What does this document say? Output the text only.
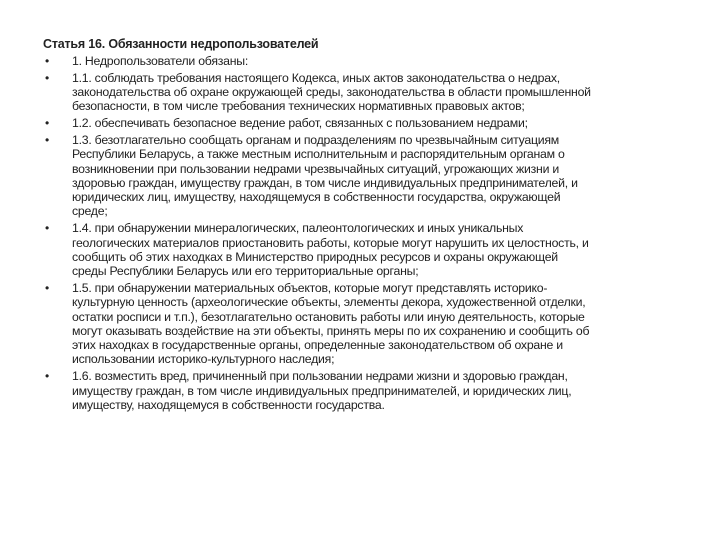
Статья 16. Обязанности недропользователей
• 1. Недропользователи обязаны:
• 1.1. соблюдать требования настоящего Кодекса, иных актов законодательства о недрах,
законодательства об охране окружающей среды, законодательства в области промышленной
безопасности, в том числе требования технических нормативных правовых актов;
• 1.2. обеспечивать безопасное ведение работ, связанных с пользованием недрами;
• 1.3. безотлагательно сообщать органам и подразделениям по чрезвычайным ситуациям
Республики Беларусь, а также местным исполнительным и распорядительным органам о
возникновении при пользовании недрами чрезвычайных ситуаций, угрожающих жизни и
здоровью граждан, имуществу граждан, в том числе индивидуальных предпринимателей, и
юридических лиц, имуществу, находящемуся в собственности государства, окружающей
среде;
• 1.4. при обнаружении минералогических, палеонтологических и иных уникальных
геологических материалов приостановить работы, которые могут нарушить их целостность, и
сообщить об этих находках в Министерство природных ресурсов и охраны окружающей
среды Республики Беларусь или его территориальные органы;
• 1.5. при обнаружении материальных объектов, которые могут представлять историко-
культурную ценность (археологические объекты, элементы декора, художественной отделки,
остатки росписи и т.п.), безотлагательно остановить работы или иную деятельность, которые
могут оказывать воздействие на эти объекты, принять меры по их сохранению и сообщить об
этих находках в государственные органы, определенные законодательством об охране и
использовании историко-культурного наследия;
• 1.6. возместить вред, причиненный при пользовании недрами жизни и здоровью граждан,
имуществу граждан, в том числе индивидуальных предпринимателей, и юридических лиц,
имуществу, находящемуся в собственности государства.
